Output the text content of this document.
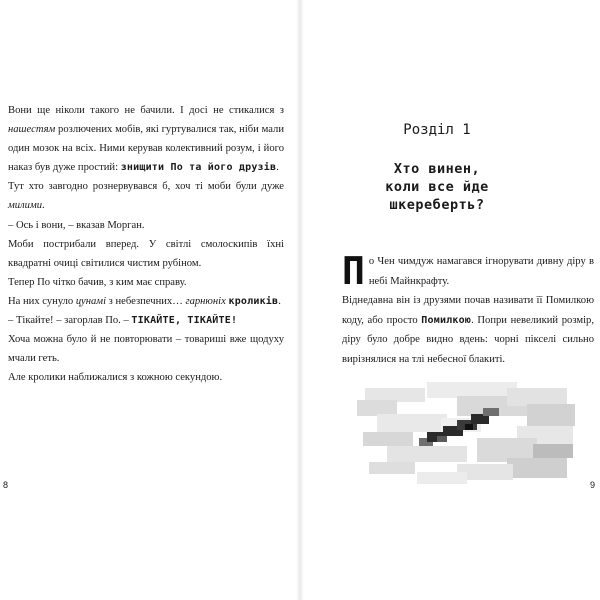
Вони ще ніколи такого не бачили. І досі не стикалися з нашестям розлючених мобів, які гуртувалися так, ніби мали один мозок на всіх. Ними керував колективний розум, і його наказ був дуже простий: знищити По та його друзів.

Тут хто завгодно рознервувався б, хоч ті моби були дуже милими.

– Ось і вони, – вказав Морган.

Моби пострибали вперед. У світлі смолоскипів їхні квадратні очиці світилися чистим рубіном.

Тепер По чітко бачив, з ким має справу.

На них сунуло цунамі з небезпечних… гарнюніх кроликів.

– Тікайте! – загорлав По. – ТІКАЙТЕ, ТІКАЙТЕ!

Хоча можна було й не повторювати – товариші вже щодуху мчали геть.

Але кролики наближалися з кожною секундою.

8
Розділ 1
Хто винен,
коли все йде
шкереберть?
П о Чен чимдуж намагався ігнорувати дивну діру в небі Майнкрафту.

Віднедавна він із друзями почав називати її Помилкою коду, або просто Помилкою. Попри невеликий розмір, діру було добре видно вдень: чорні пікселі сильно вирізнялися на тлі небесної блакиті.

9
